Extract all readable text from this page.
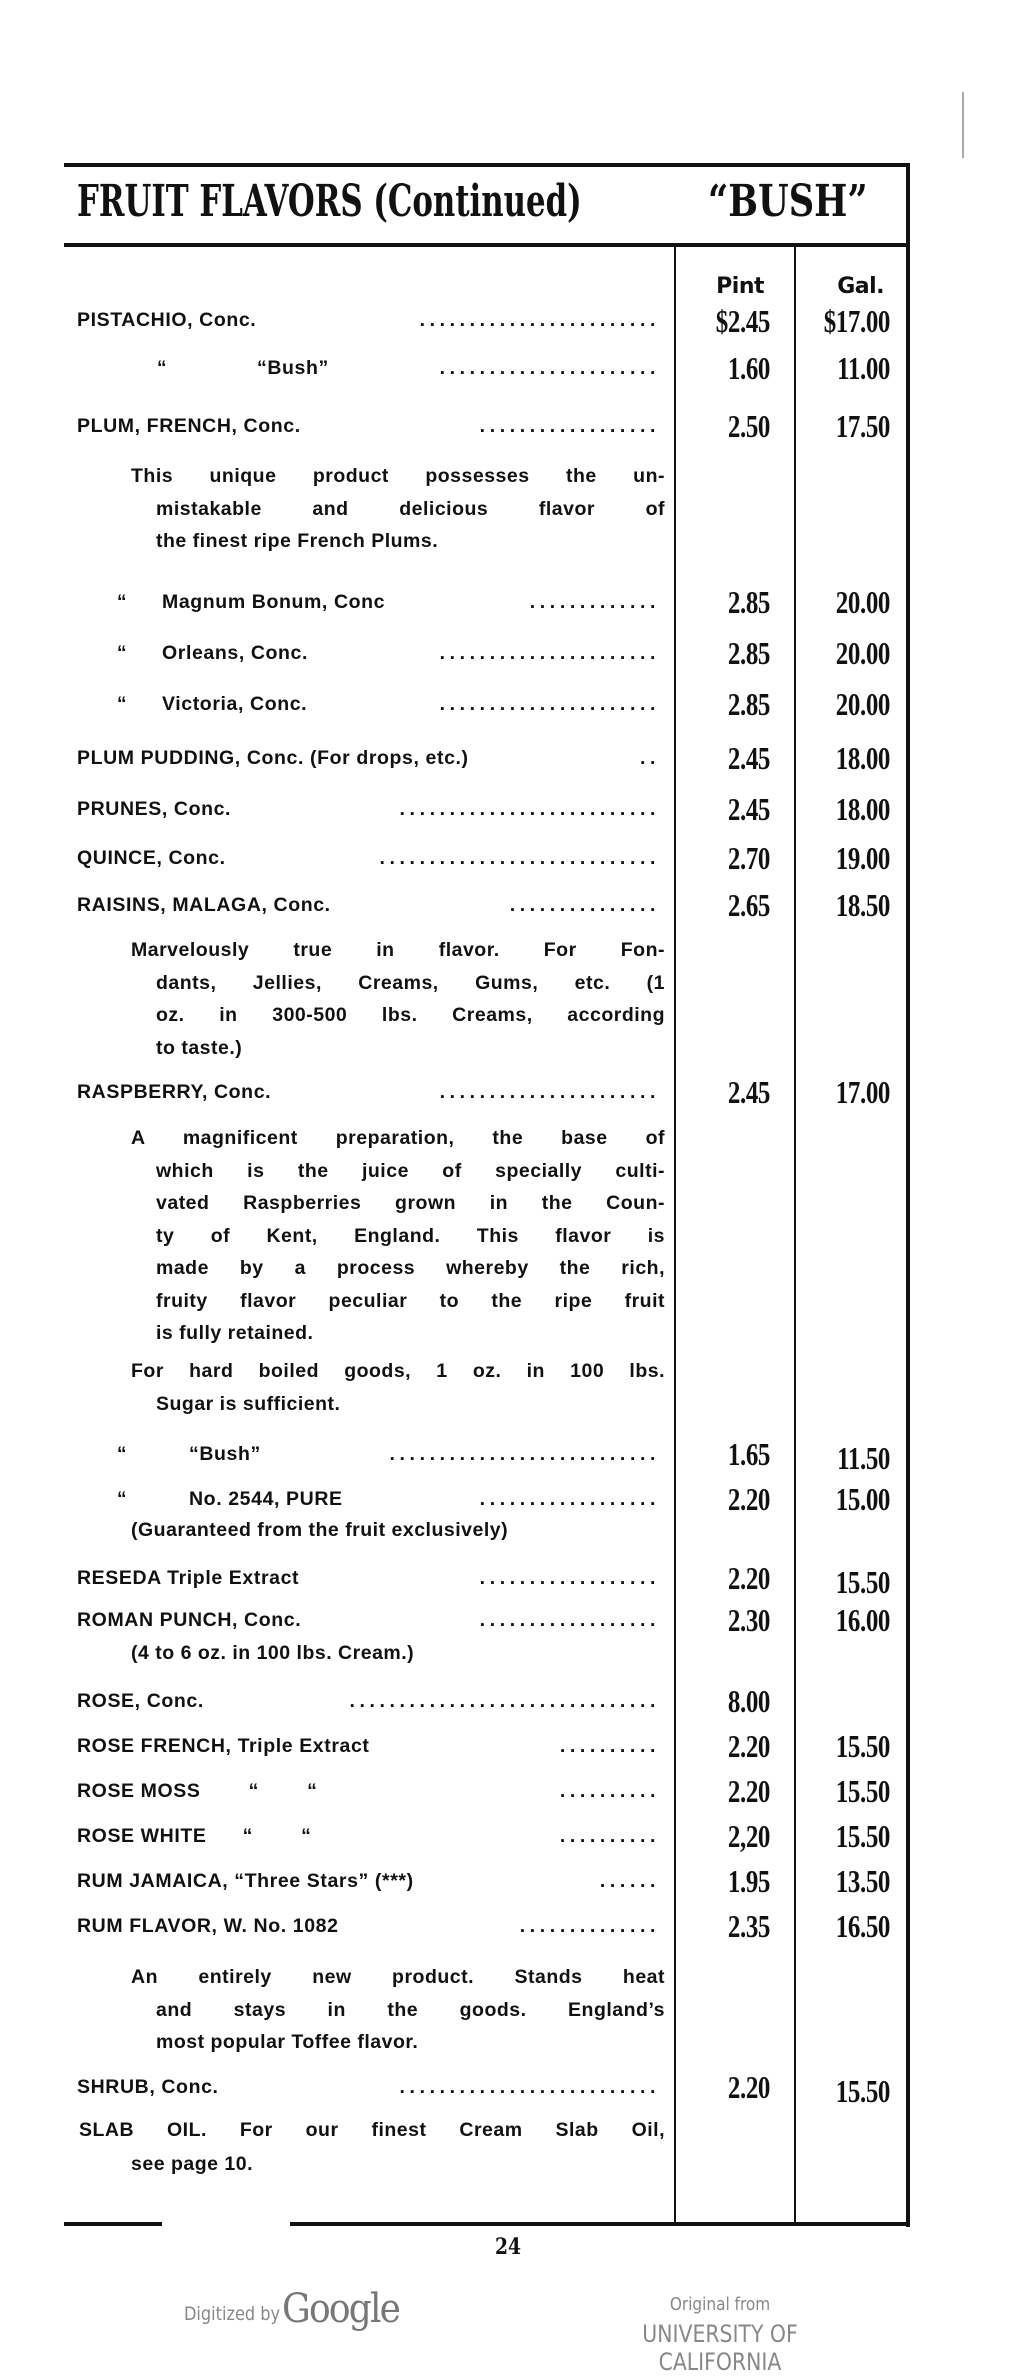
FRUIT FLAVORS (Continued)	“BUSH”
Pint	Gal.
PISTACHIO, Conc.	........................	$2.45 $17.00
“	“Bush”	......................	1.60	11.00
PLUM, FRENCH, Conc.	..................	2.50	17.50
“	Magnum Bonum, Conc	.............	2.85	20.00
“	Orleans, Conc.	......................	2.85	20.00
“	Victoria, Conc.	......................	2.85	20.00
PLUM PUDDING, Conc. (For drops, etc.)	..	2.45	18.00
PRUNES, Conc.	..........................	2.45	18.00
QUINCE, Conc.	............................	2.70	19.00
RAISINS, MALAGA, Conc.	...............	2.65	18.50
RASPBERRY, Conc.	......................	2.45	17.00
“	“Bush”	...........................	1.65	11.50
“	No. 2544, PURE	..................	2.20	15.00
RESEDA Triple Extract	..................	2.20	15.50
ROMAN PUNCH, Conc.	..................	2.30	16.00
ROSE, Conc.	...............................	8.00
ROSE FRENCH, Triple Extract	..........	2.20	15.50
ROSE MOSS        “        “	..........	2.20	15.50
ROSE WHITE      “        “	..........	2,20	15.50
RUM JAMAICA, “Three Stars” (***)	......	1.95	13.50
RUM FLAVOR, W. No. 1082	..............	2.35	16.50
SHRUB, Conc.	..........................	2.20	15.50
This unique product possesses the un-
mistakable and delicious flavor of
the finest ripe French Plums.
Marvelously true in flavor. For Fon-
dants, Jellies, Creams, Gums, etc. (1
oz. in 300-500 lbs. Creams, according
to taste.)
A magnificent preparation, the base of
which is the juice of specially culti-
vated Raspberries grown in the Coun-
ty of Kent, England. This flavor is
made by a process whereby the rich,
fruity flavor peculiar to the ripe fruit
is fully retained.
For hard boiled goods, 1 oz. in 100 lbs.
Sugar is sufficient.
(Guaranteed from the fruit exclusively)
(4 to 6 oz. in 100 lbs. Cream.)
An entirely new product. Stands heat
and stays in the goods. England’s
most popular Toffee flavor.
SLAB OIL. For our finest Cream Slab Oil,
see page 10.
24
Digitized by Google	Original from
UNIVERSITY OF CALIFORNIA
